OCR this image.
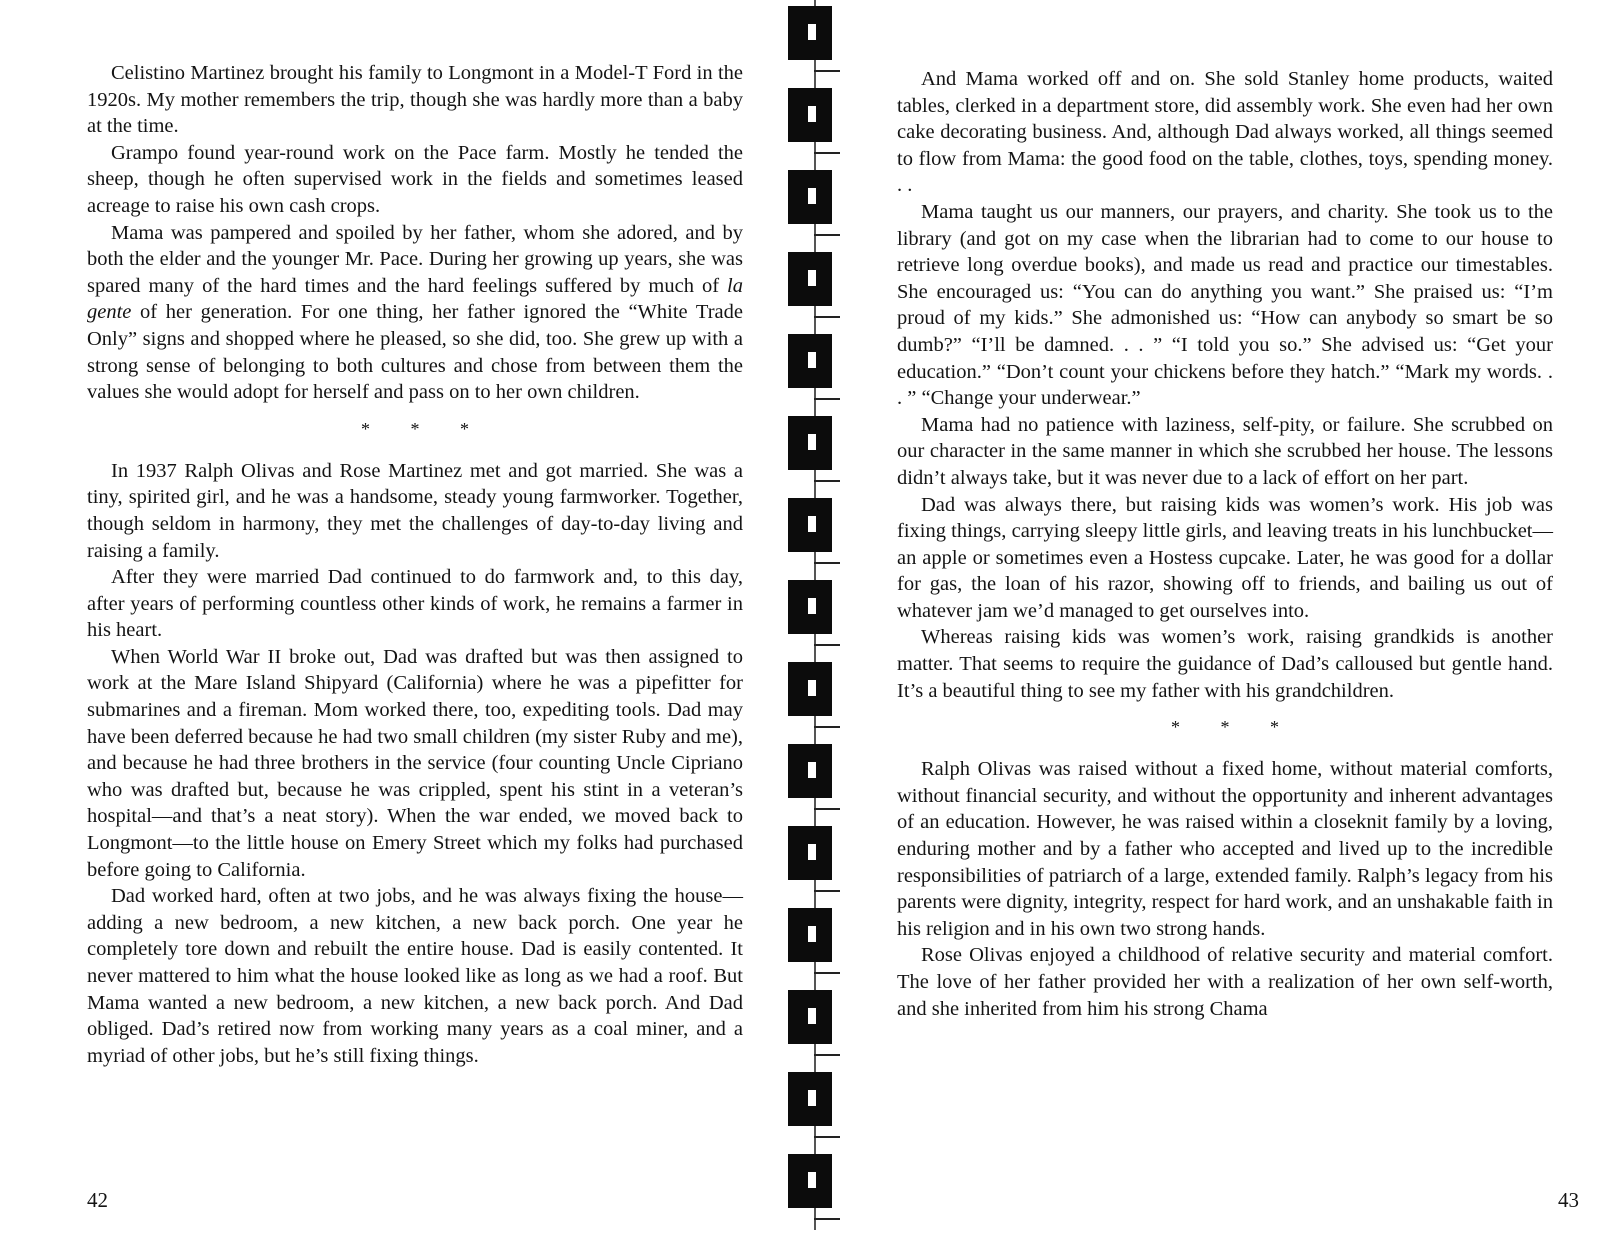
Celistino Martinez brought his family to Longmont in a Model-T Ford in the 1920s. My mother remembers the trip, though she was hardly more than a baby at the time.

Grampo found year-round work on the Pace farm. Mostly he tended the sheep, though he often supervised work in the fields and sometimes leased acreage to raise his own cash crops.

Mama was pampered and spoiled by her father, whom she adored, and by both the elder and the younger Mr. Pace. During her growing up years, she was spared many of the hard times and the hard feelings suffered by much of la gente of her generation. For one thing, her father ignored the “White Trade Only” signs and shopped where he pleased, so she did, too. She grew up with a strong sense of belonging to both cultures and chose from between them the values she would adopt for herself and pass on to her own children.

* * *

In 1937 Ralph Olivas and Rose Martinez met and got married. She was a tiny, spirited girl, and he was a handsome, steady young farmworker. Together, though seldom in harmony, they met the challenges of day-to-day living and raising a family.

After they were married Dad continued to do farmwork and, to this day, after years of performing countless other kinds of work, he remains a farmer in his heart.

When World War II broke out, Dad was drafted but was then assigned to work at the Mare Island Shipyard (California) where he was a pipefitter for submarines and a fireman. Mom worked there, too, expediting tools. Dad may have been deferred because he had two small children (my sister Ruby and me), and because he had three brothers in the service (four counting Uncle Cipriano who was drafted but, because he was crippled, spent his stint in a veteran’s hospital—and that’s a neat story). When the war ended, we moved back to Longmont—to the little house on Emery Street which my folks had purchased before going to California.

Dad worked hard, often at two jobs, and he was always fixing the house—adding a new bedroom, a new kitchen, a new back porch. One year he completely tore down and rebuilt the entire house. Dad is easily contented. It never mattered to him what the house looked like as long as we had a roof. But Mama wanted a new bedroom, a new kitchen, a new back porch. And Dad obliged. Dad’s retired now from working many years as a coal miner, and a myriad of other jobs, but he’s still fixing things.

42

And Mama worked off and on. She sold Stanley home products, waited tables, clerked in a department store, did assembly work. She even had her own cake decorating business. And, although Dad always worked, all things seemed to flow from Mama: the good food on the table, clothes, toys, spending money. . .

Mama taught us our manners, our prayers, and charity. She took us to the library (and got on my case when the librarian had to come to our house to retrieve long overdue books), and made us read and practice our timestables. She encouraged us: “You can do anything you want.” She praised us: “I’m proud of my kids.” She admonished us: “How can anybody so smart be so dumb?” “I’ll be damned. . . ” “I told you so.” She advised us: “Get your education.” “Don’t count your chickens before they hatch.” “Mark my words. . . ” “Change your underwear.”

Mama had no patience with laziness, self-pity, or failure. She scrubbed on our character in the same manner in which she scrubbed her house. The lessons didn’t always take, but it was never due to a lack of effort on her part.

Dad was always there, but raising kids was women’s work. His job was fixing things, carrying sleepy little girls, and leaving treats in his lunchbucket—an apple or sometimes even a Hostess cupcake. Later, he was good for a dollar for gas, the loan of his razor, showing off to friends, and bailing us out of whatever jam we’d managed to get ourselves into.

Whereas raising kids was women’s work, raising grandkids is another matter. That seems to require the guidance of Dad’s calloused but gentle hand. It’s a beautiful thing to see my father with his grandchildren.

* * *

Ralph Olivas was raised without a fixed home, without material comforts, without financial security, and without the opportunity and inherent advantages of an education. However, he was raised within a closeknit family by a loving, enduring mother and by a father who accepted and lived up to the incredible responsibilities of patriarch of a large, extended family. Ralph’s legacy from his parents were dignity, integrity, respect for hard work, and an unshakable faith in his religion and in his own two strong hands.

Rose Olivas enjoyed a childhood of relative security and material comfort. The love of her father provided her with a realization of her own self-worth, and she inherited from him his strong Chama

43
